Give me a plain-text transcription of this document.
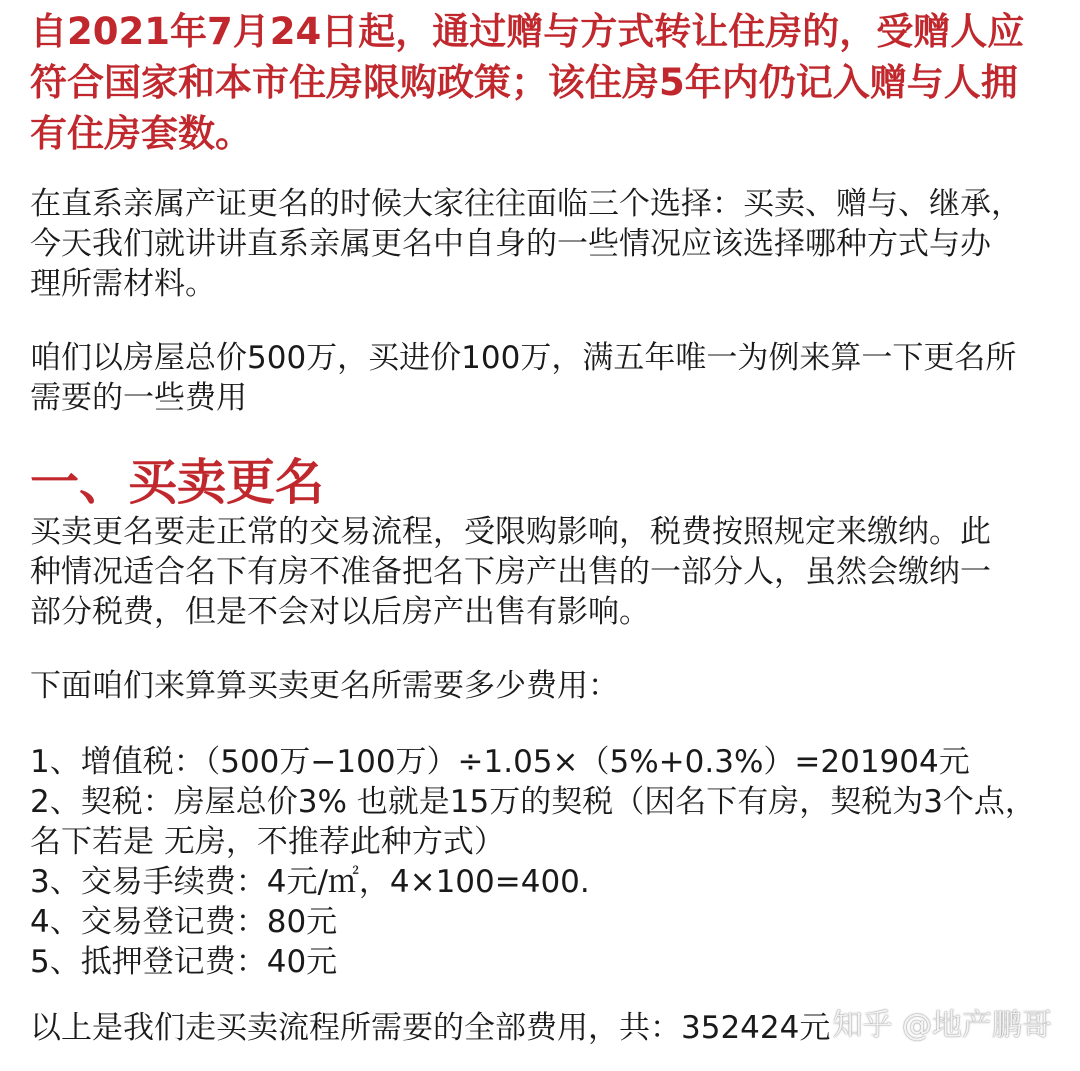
自2021年7月24日起，通过赠与方式转让住房的，受赠人应
符合国家和本市住房限购政策；该住房5年内仍记入赠与人拥
有住房套数。
在直系亲属产证更名的时候大家往往面临三个选择：买卖、赠与、继承，
今天我们就讲讲直系亲属更名中自身的一些情况应该选择哪种方式与办
理所需材料。
咱们以房屋总价500万，买进价100万，满五年唯一为例来算一下更名所
需要的一些费用
一、买卖更名
买卖更名要走正常的交易流程，受限购影响，税费按照规定来缴纳。此
种情况适合名下有房不准备把名下房产出售的一部分人，虽然会缴纳一
部分税费，但是不会对以后房产出售有影响。
下面咱们来算算买卖更名所需要多少费用：
1、增值税：（500万−100万）÷1.05×（5%+0.3%）=201904元
2、契税：房屋总价3% 也就是15万的契税（因名下有房，契税为3个点，
名下若是 无房，不推荐此种方式）
3、交易手续费：4元/㎡，4×100=400.
4、交易登记费：80元
5、抵押登记费：40元
以上是我们走买卖流程所需要的全部费用，共：352424元 知乎 @地产鹏哥
